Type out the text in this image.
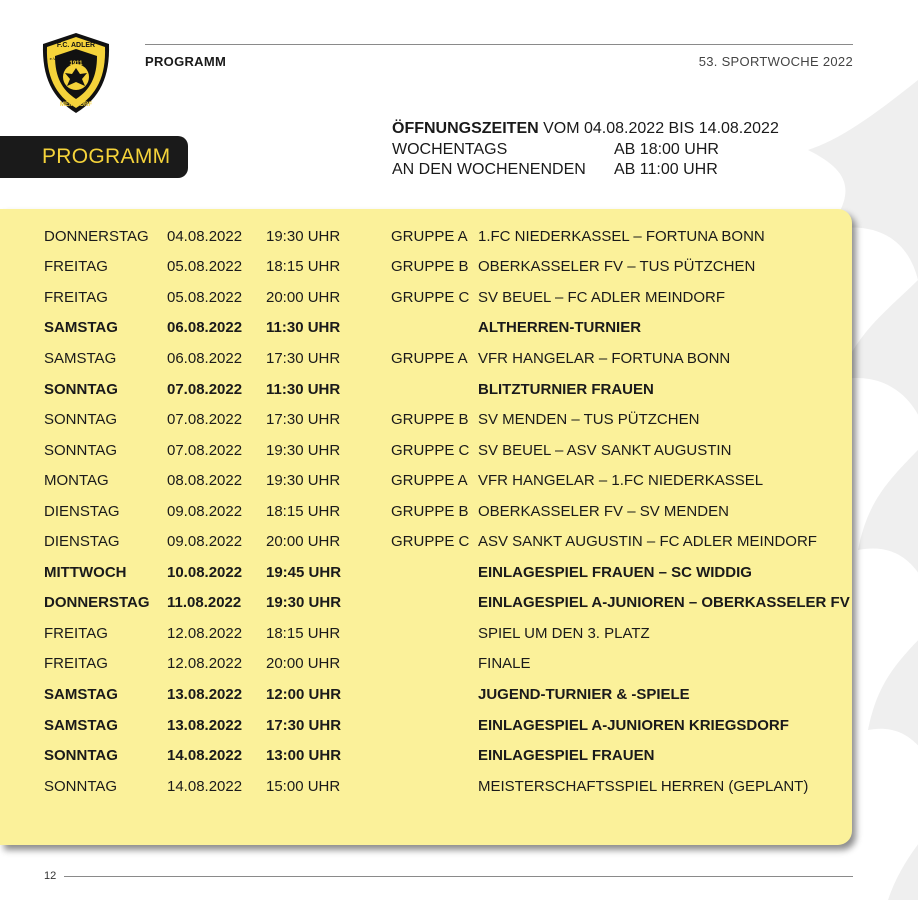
F.C. ADLER
1911
e.V.
MEINDORF
PROGRAMM	53. SPORTWOCHE 2022
PROGRAMM
ÖFFNUNGSZEITEN VOM 04.08.2022 BIS 14.08.2022
WOCHENTAGS	AB 18:00 UHR
AN DEN WOCHENENDEN	AB 11:00 UHR
DONNERSTAG	04.08.2022	19:30 UHR	GRUPPE A 1.FC NIEDERKASSEL – FORTUNA BONN
FREITAG	05.08.2022	18:15 UHR	GRUPPE B OBERKASSELER FV – TUS PÜTZCHEN
FREITAG	05.08.2022	20:00 UHR	GRUPPE C SV BEUEL – FC ADLER MEINDORF
SAMSTAG	06.08.2022	11:30 UHR	ALTHERREN-TURNIER
SAMSTAG	06.08.2022	17:30 UHR	GRUPPE A VFR HANGELAR – FORTUNA BONN
SONNTAG	07.08.2022	11:30 UHR	BLITZTURNIER FRAUEN
SONNTAG	07.08.2022	17:30 UHR	GRUPPE B SV MENDEN – TUS PÜTZCHEN
SONNTAG	07.08.2022	19:30 UHR	GRUPPE C SV BEUEL – ASV SANKT AUGUSTIN
MONTAG	08.08.2022	19:30 UHR	GRUPPE A VFR HANGELAR – 1.FC NIEDERKASSEL
DIENSTAG	09.08.2022	18:15 UHR	GRUPPE B OBERKASSELER FV – SV MENDEN
DIENSTAG	09.08.2022	20:00 UHR	GRUPPE C ASV SANKT AUGUSTIN – FC ADLER MEINDORF
MITTWOCH	10.08.2022	19:45 UHR	EINLAGESPIEL FRAUEN – SC WIDDIG
DONNERSTAG	11.08.2022	19:30 UHR	EINLAGESPIEL A-JUNIOREN – OBERKASSELER FV
FREITAG	12.08.2022	18:15 UHR	SPIEL UM DEN 3. PLATZ
FREITAG	12.08.2022	20:00 UHR	FINALE
SAMSTAG	13.08.2022	12:00 UHR	JUGEND-TURNIER & -SPIELE
SAMSTAG	13.08.2022	17:30 UHR	EINLAGESPIEL A-JUNIOREN KRIEGSDORF
SONNTAG	14.08.2022	13:00 UHR	EINLAGESPIEL FRAUEN
SONNTAG	14.08.2022	15:00 UHR	MEISTERSCHAFTSSPIEL HERREN (GEPLANT)
12
